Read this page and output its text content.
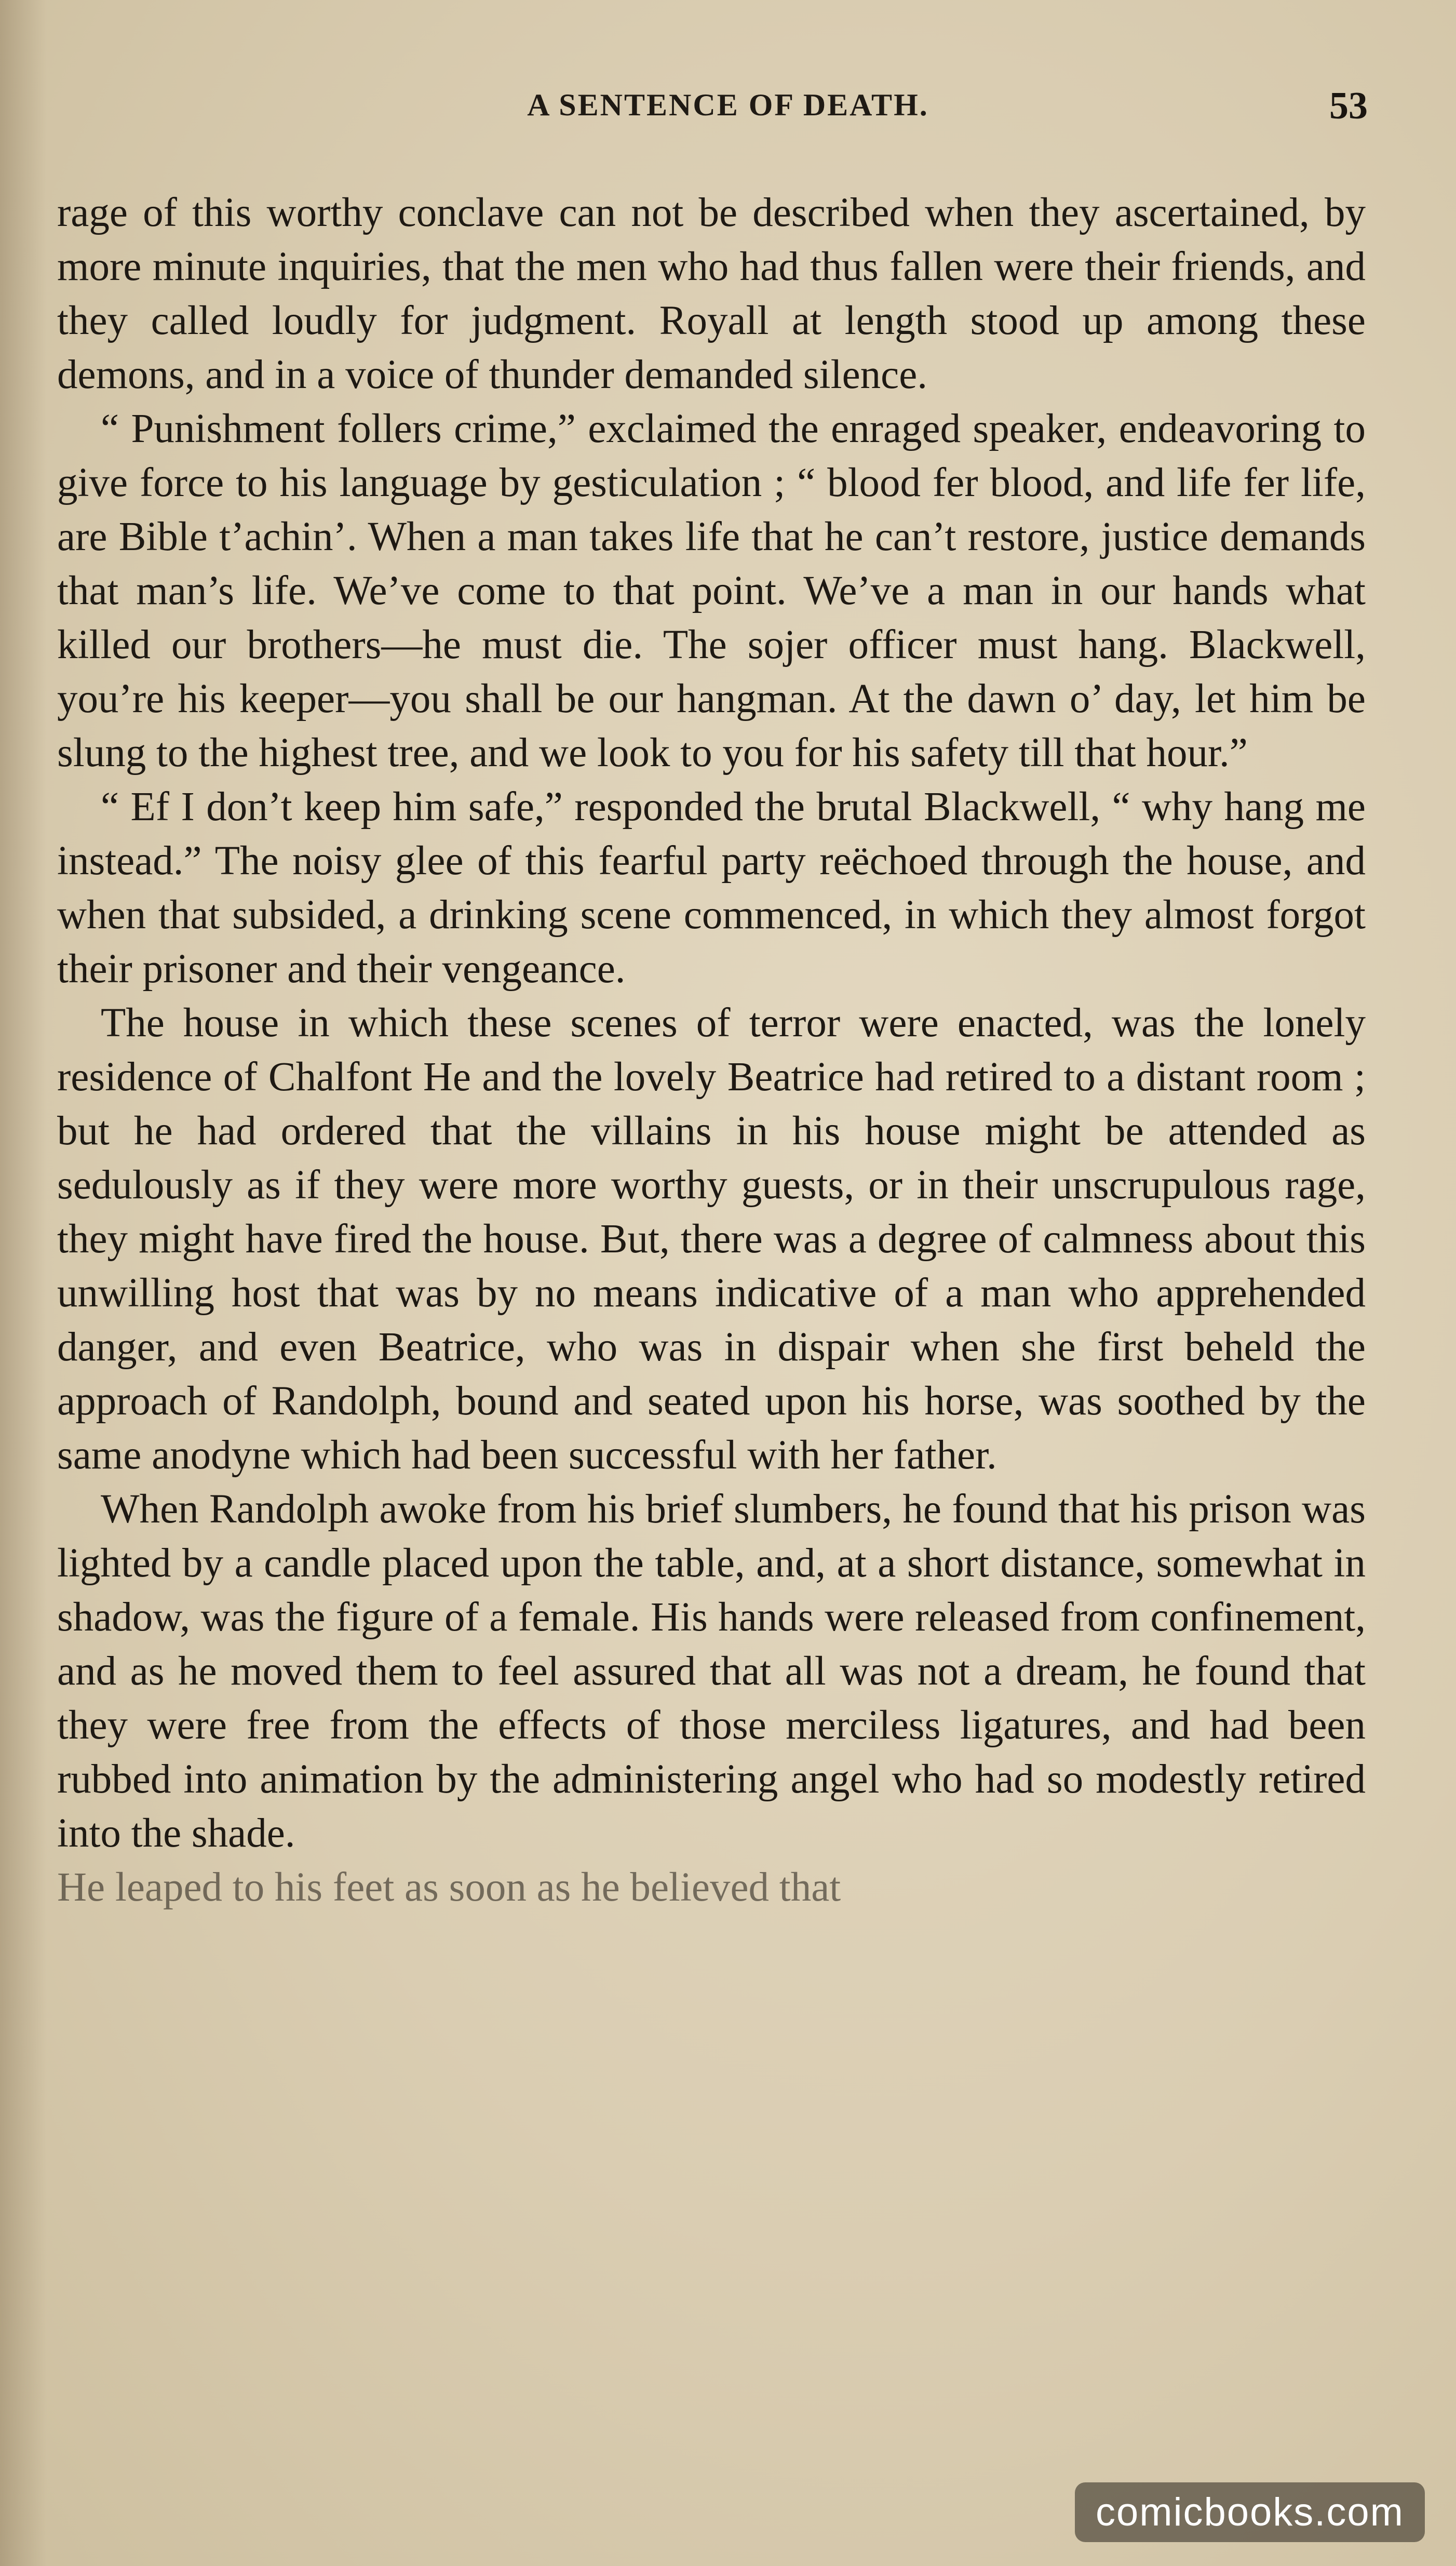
A SENTENCE OF DEATH.	53

rage of this worthy conclave can not be described when they ascertained, by more minute inquiries, that the men who had thus fallen were their friends, and they called loudly for judgment. Royall at length stood up among these demons, and in a voice of thunder demanded silence.

“ Punishment follers crime,” exclaimed the enraged speaker, endeavoring to give force to his language by gesticulation ; “ blood fer blood, and life fer life, are Bible t’achin’. When a man takes life that he can’t restore, justice demands that man’s life. We’ve come to that point. We’ve a man in our hands what killed our brothers—he must die. The sojer officer must hang. Blackwell, you’re his keeper—you shall be our hangman. At the dawn o’ day, let him be slung to the highest tree, and we look to you for his safety till that hour.”

“ Ef I don’t keep him safe,” responded the brutal Blackwell, “ why hang me instead.” The noisy glee of this fearful party reëchoed through the house, and when that subsided, a drinking scene commenced, in which they almost forgot their prisoner and their vengeance.

The house in which these scenes of terror were enacted, was the lonely residence of Chalfont He and the lovely Beatrice had retired to a distant room ; but he had ordered that the villains in his house might be attended as sedulously as if they were more worthy guests, or in their unscrupulous rage, they might have fired the house. But, there was a degree of calmness about this unwilling host that was by no means indicative of a man who apprehended danger, and even Beatrice, who was in dispair when she first beheld the approach of Randolph, bound and seated upon his horse, was soothed by the same anodyne which had been successful with her father.

When Randolph awoke from his brief slumbers, he found that his prison was lighted by a candle placed upon the table, and, at a short distance, somewhat in shadow, was the figure of a female. His hands were released from confinement, and as he moved them to feel assured that all was not a dream, he found that they were free from the effects of those merciless ligatures, and had been rubbed into animation by the administering angel who had so modestly retired into the shade.

He leaped to his feet as soon as he believed that

comicbooks.com
